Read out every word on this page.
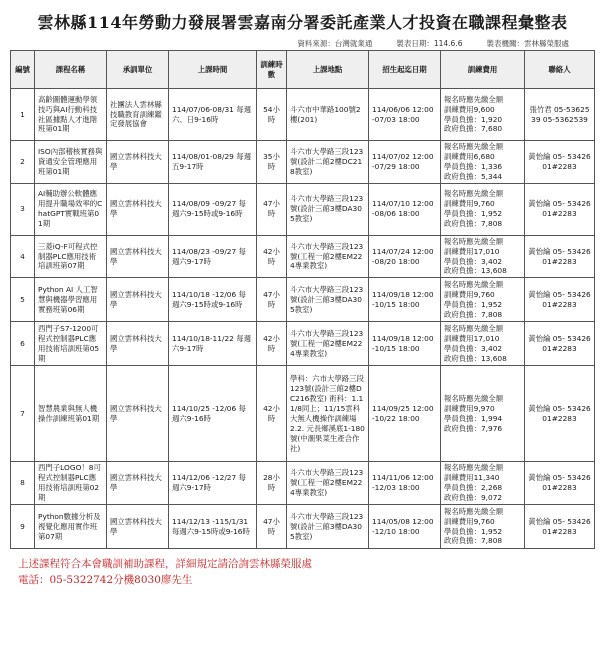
雲林縣114年勞動力發展署雲嘉南分署委託產業人才投資在職課程彙整表
資料來源：台灣就業通	製表日期：114.6.6	製表機關：雲林縣榮服處
編號	課程名稱	承訓單位	上課時間	訓練時數	上課地點	招生起迄日期	訓練費用	聯絡人
1	高齡圖體運動學領技巧與AI行動科技社區據點人才進階班第01期	社團法人雲林縣技職教育訓練鑑定發展協會	114/07/06-08/31 每週六、日9-16時	54小時	斗六市中華路100號2樓(201)	114/06/06 12:00 -07/03 18:00	報名時應先繳全額
訓練費用9,600
學員負擔：1,920
政府負擔：7,680	張竹君 05-5362539 05-5362539
2	ISO內部稽核實務與資通安全管理應用班第01期	國立雲林科技大學	114/08/01-08/29 每週五9-17時	35小時	斗六市大學路三段123號(設計二館2樓DC218教室)	114/07/02 12:00 -07/29 18:00	報名時應先繳全額
訓練費用6,680
學員負擔：1,336
政府負擔：5,344	黃怡綸 05- 5342601#2283
3	AI輔助辦公軟體應用提升職場效率的ChatGPT實戰班第01期	國立雲林科技大學	114/08/09 -09/27 每週六9-15時或9-16時	47小時	斗六市大學路三段123號(設計三館3樓DA305教室)	114/07/10 12:00 -08/06 18:00	報名時應先繳全額
訓練費用9,760
學員負擔：1,952
政府負擔：7,808	黃怡綸 05- 5342601#2283
4	三菱iQ-F可程式控制器PLC應用技術培訓班第07期	國立雲林科技大學	114/08/23 -09/27 每週六9-17時	42小時	斗六市大學路三段123號(工程一館2樓EM224專業教室)	114/07/24 12:00 -08/20 18:00	報名時應先繳全額
訓練費用17,010
學員負擔：3,402
政府負擔：13,608	黃怡綸 05- 5342601#2283
5	Python AI 人工智慧與機器學習應用實務班第06期	國立雲林科技大學	114/10/18 -12/06 每週六9-15時或9-16時	47小時	斗六市大學路三段123號(設計三館3樓DA305教室)	114/09/18 12:00 -10/15 18:00	報名時應先繳全額
訓練費用9,760
學員負擔：1,952
政府負擔：7,808	黃怡綸 05- 5342601#2283
6	西門子S7-1200可程式控制器PLC應用技術培訓班第05期	國立雲林科技大學	114/10/18-11/22 每週六9-17時	42小時	斗六市大學路三段123號(工程一館2樓EM224專業教室)	114/09/18 12:00 -10/15 18:00	報名時應先繳全額
訓練費用17,010
學員負擔：3,402
政府負擔：13,608	黃怡綸 05- 5342601#2283
7	智慧農業與無人機操作訓練班第01期	國立雲林科技大學	114/10/25 -12/06 每週六9-16時	42小時	學科：六市大學路三段123號(設計三館2樓DC216教室) 術科：1.11/8同上；11/15雲科大無人機操作訓練場 2.2. 元長鄉溪底1-180號(中潮果菜生產合作社)	114/09/25 12:00 -10/22 18:00	報名時應先繳全額
訓練費用9,970
學員負擔：1,994
政府負擔：7,976	黃怡綸 05- 5342601#2283
8	西門子LOGO！8可程式控制器PLC應用技術培訓班第02期	國立雲林科技大學	114/12/06 -12/27 每週六9-17時	28小時	斗六市大學路三段123號(工程一館2樓EM224專業教室)	114/11/06 12:00 -12/03 18:00	報名時應先繳全額
訓練費用11,340
學員負擔：2,268
政府負擔：9,072	黃怡綸 05- 5342601#2283
9	Python數據分析及視覺化應用實作班第07期	國立雲林科技大學	114/12/13 -115/1/31 每週六9-15時或9-16時	47小時	斗六市大學路三段123號(設計三館3樓DA305教室)	114/05/08 12:00 -12/10 18:00	報名時應先繳全額
訓練費用9,760
學員負擔：1,952
政府負擔：7,808	黃怡綸 05- 5342601#2283
上述課程符合本會職訓補助課程，詳細規定請洽詢雲林縣榮服處
電話：05-5322742分機8030廖先生
